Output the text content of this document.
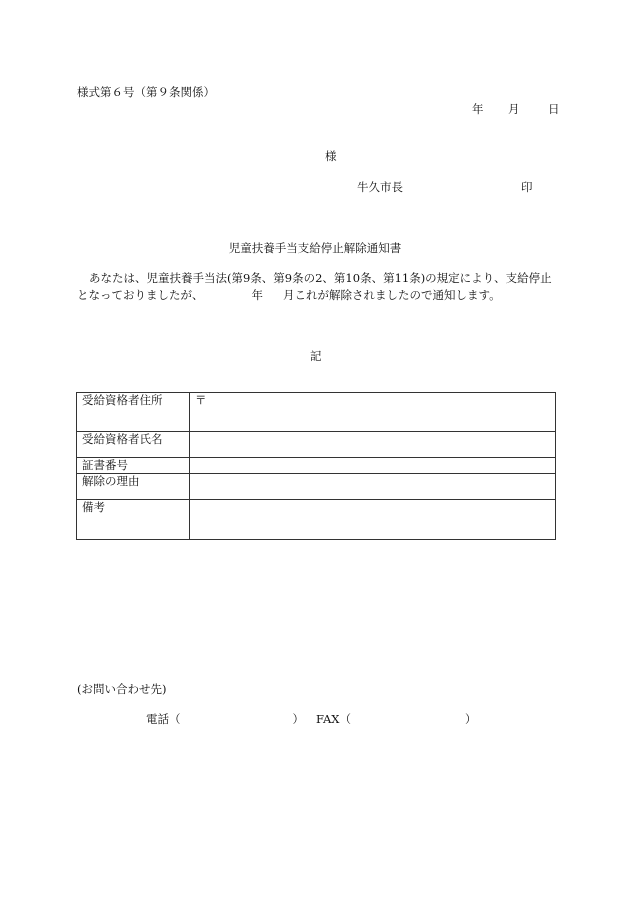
様式第６号（第９条関係）
年 月 日
様
牛久市長	印
児童扶養手当支給停止解除通知書
あなたは、児童扶養手当法(第9条、第9条の2、第10条、第11条)の規定により、支給停止となっておりましたが、	年 月これが解除されましたので通知します。
記
受給資格者住所	〒
受給資格者氏名	
証書番号	
解除の理由	
備考	
(お問い合わせ先)
電話（	） FAX（	）
